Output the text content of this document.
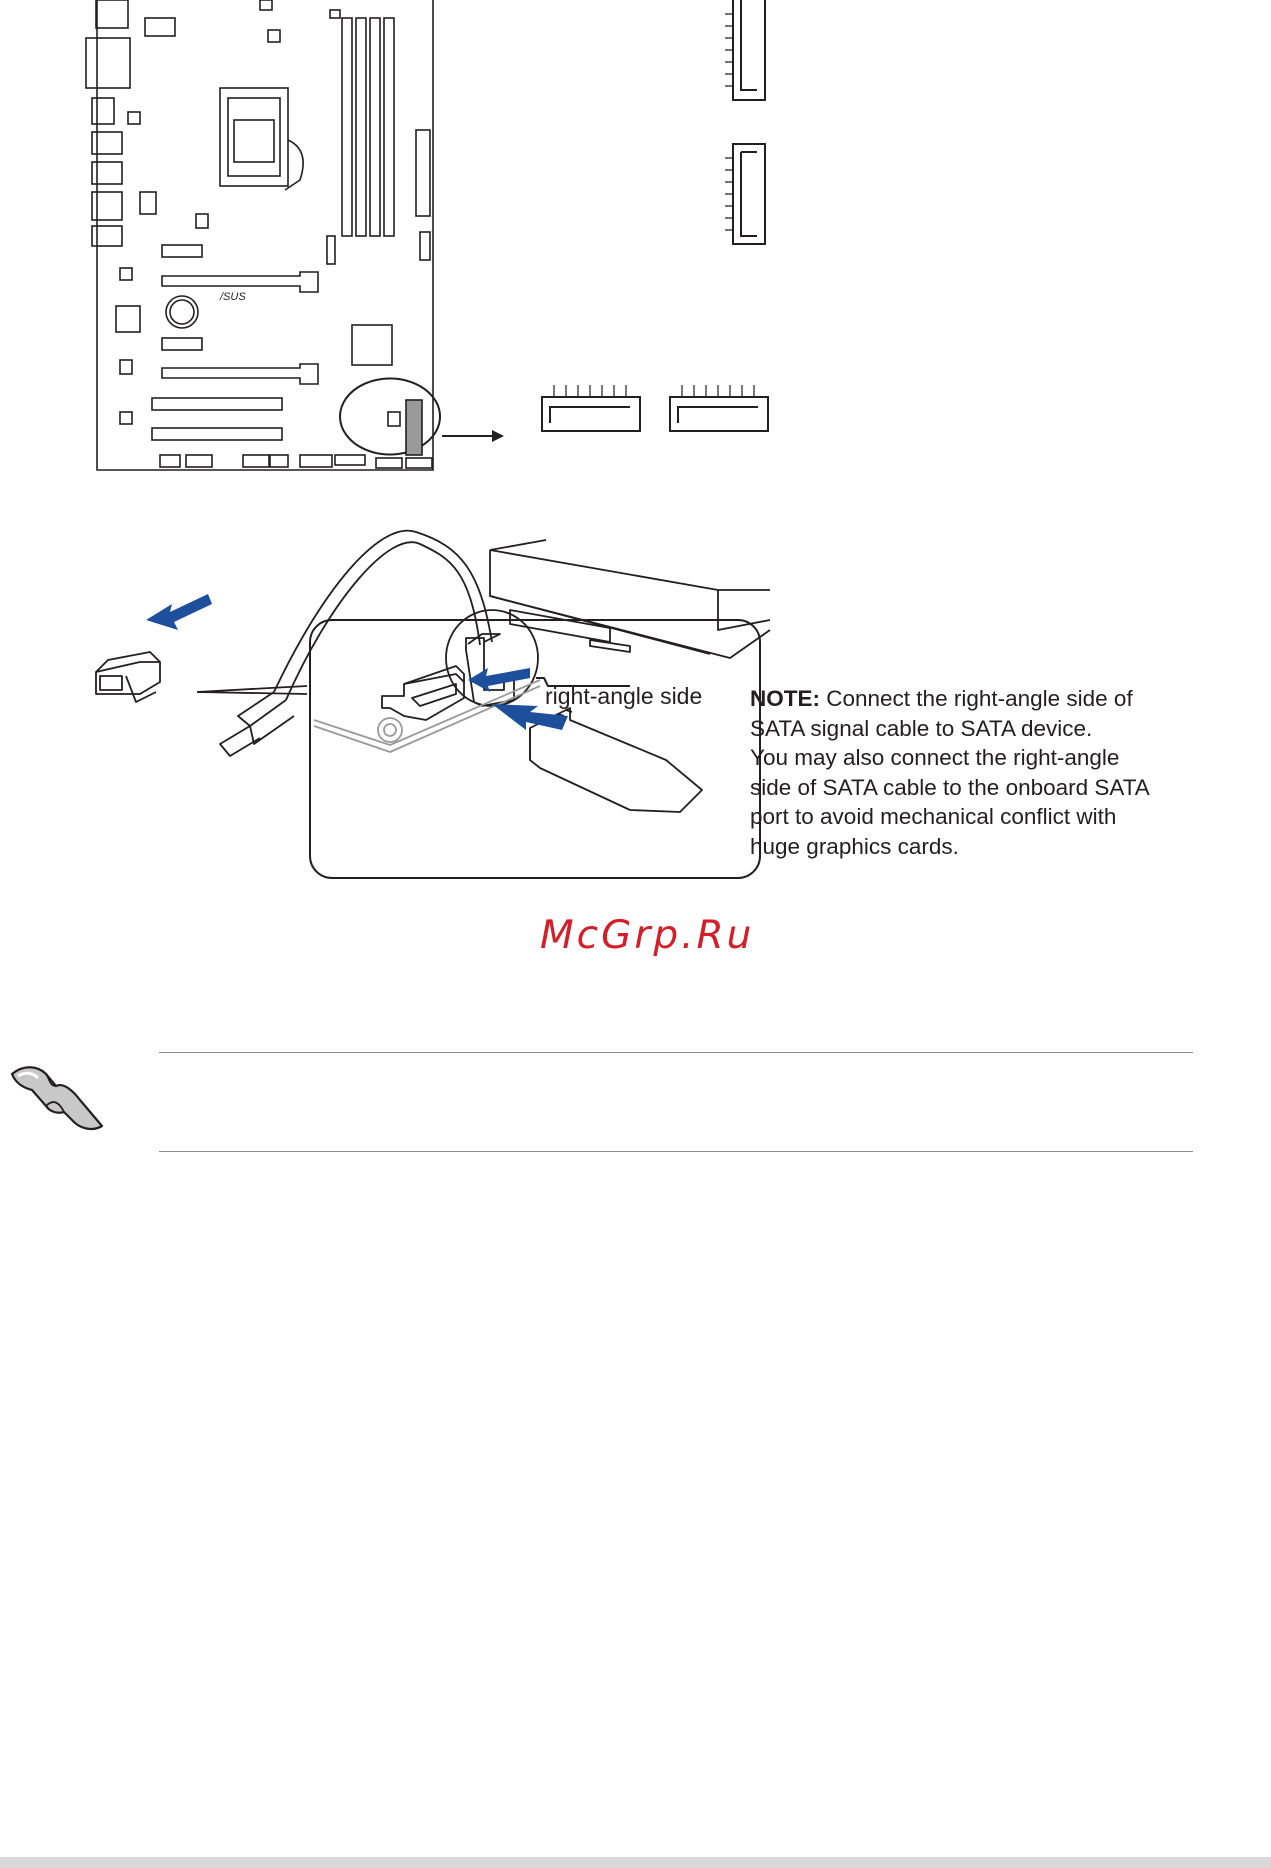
/SUS
right-angle side NOTE: Connect the right-angle side of
SATA signal cable to SATA device.
You may also connect the right-angle
side of SATA cable to the onboard SATA
port to avoid mechanical conflict with
huge graphics cards.
McGrp.Ru
